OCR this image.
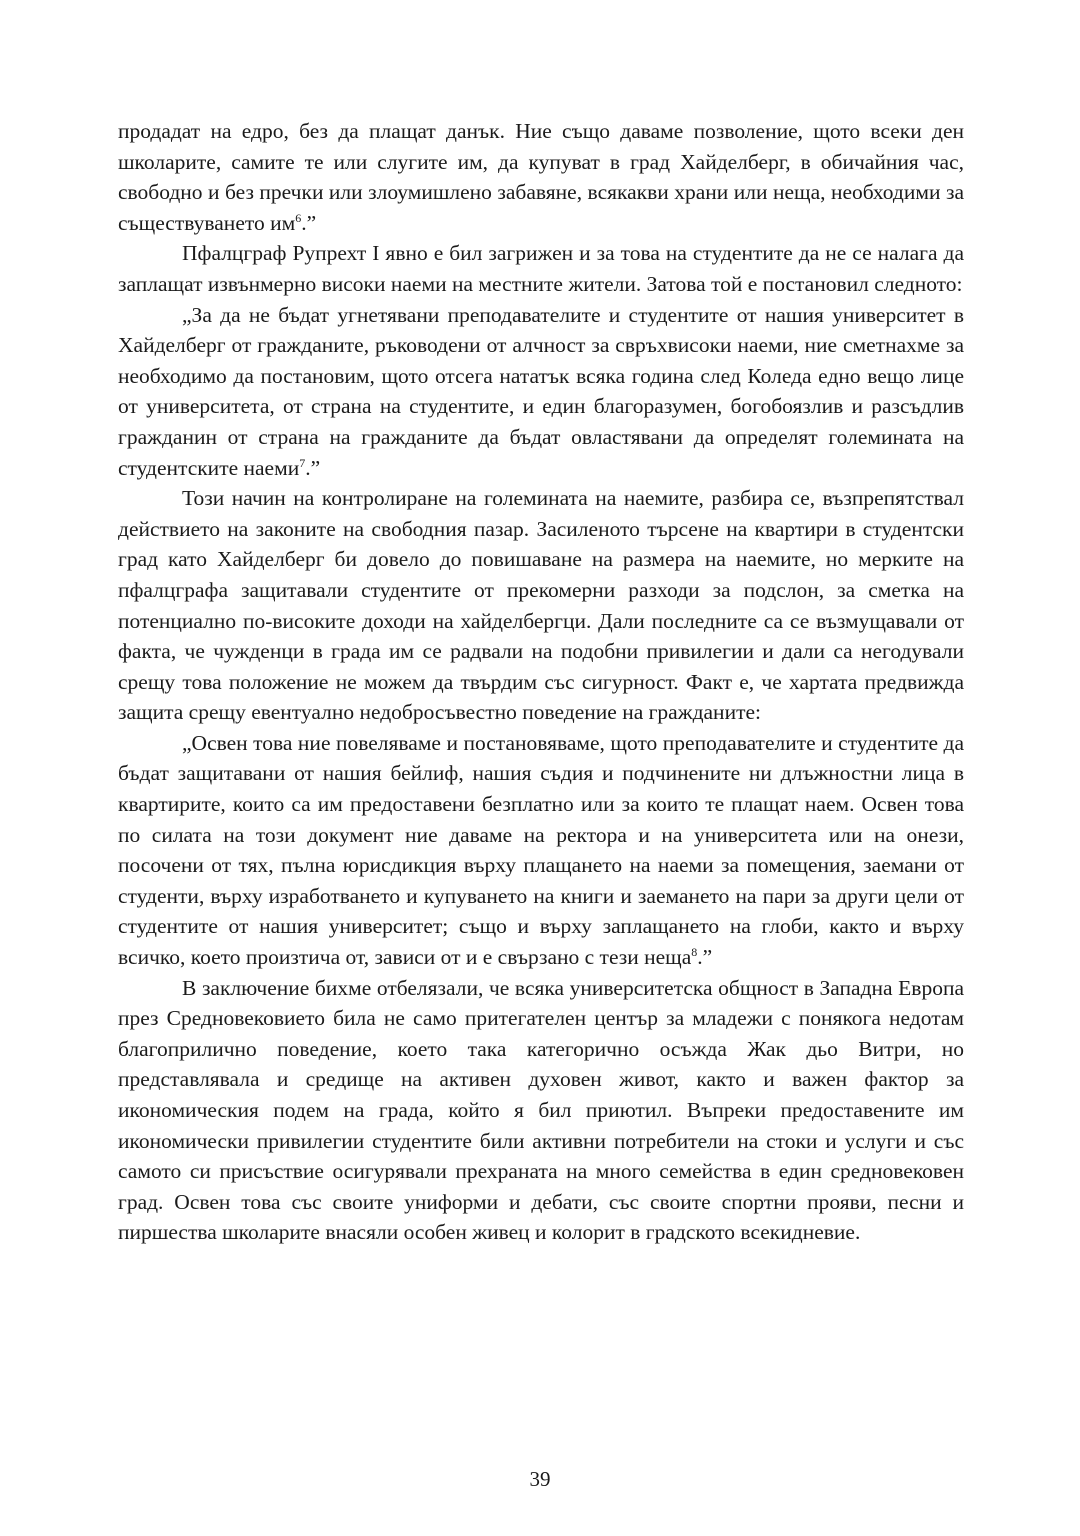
продадат на едро, без да плащат данък. Ние също даваме позволение, щото всеки ден школарите, самите те или слугите им, да купуват в град Хайделберг, в обичайния час, свободно и без пречки или злоумишлено забавяне, всякакви храни или неща, необходими за съществуването $им^6$.”

Пфалцграф Рупрехт I явно е бил загрижен и за това на студентите да не се налага да заплащат извънмерно високи наеми на местните жители. Затова той е постановил следното:

„За да не бъдат угнетявани преподавателите и студентите от нашия университет в Хайделберг от гражданите, ръководени от алчност за свръхвисоки наеми, ние сметнахме за необходимо да постановим, щото отсега нататък всяка година след Коледа едно вещо лице от университета, от страна на студентите, и един благоразумен, богобоязлив и разсъдлив гражданин от страна на гражданите да бъдат овластявани да определят големината на студентските наеми$^7$.”

Този начин на контролиране на големината на наемите, разбира се, възпрепятствал действието на законите на свободния пазар. Засиленото търсене на квартири в студентски град като Хайделберг би довело до повишаване на размера на наемите, но мерките на пфалцграфа защитавали студентите от прекомерни разходи за подслон, за сметка на потенциално по-високите доходи на хайделбергци. Дали последните са се възмущавали от факта, че чужденци в града им се радвали на подобни привилегии и дали са негодували срещу това положение не можем да твърдим със сигурност. Факт е, че хартата предвижда защита срещу евентуално недобросъвестно поведение на гражданите:

„Освен това ние повеляваме и постановяваме, щото преподавателите и студентите да бъдат защитавани от нашия бейлиф, нашия съдия и подчинените ни длъжностни лица в квартирите, които са им предоставени безплатно или за които те плащат наем. Освен това по силата на този документ ние даваме на ректора и на университета или на онези, посочени от тях, пълна юрисдикция върху плащането на наеми за помещения, заемани от студенти, върху изработването и купуването на книги и заемането на пари за други цели от студентите от нашия университет; също и върху заплащането на глоби, както и върху всичко, което произтича от, зависи от и е свързано с тези неща$^8$.”

В заключение бихме отбелязали, че всяка университетска общност в Западна Европа през Средновековието била не само притегателен център за младежи с понякога недотам благоприлично поведение, което така категорично осъжда Жак дьо Витри, но представлявала и средище на активен духовен живот, както и важен фактор за икономическия подем на града, който я бил приютил. Въпреки предоставените им икономически привилегии студентите били активни потребители на стоки и услуги и със самото си присъствие осигурявали прехраната на много семейства в един средновековен град. Освен това със своите униформи и дебати, със своите спортни прояви, песни и пиршества школарите внасяли особен живец и колорит в градското всекидневие.

39
